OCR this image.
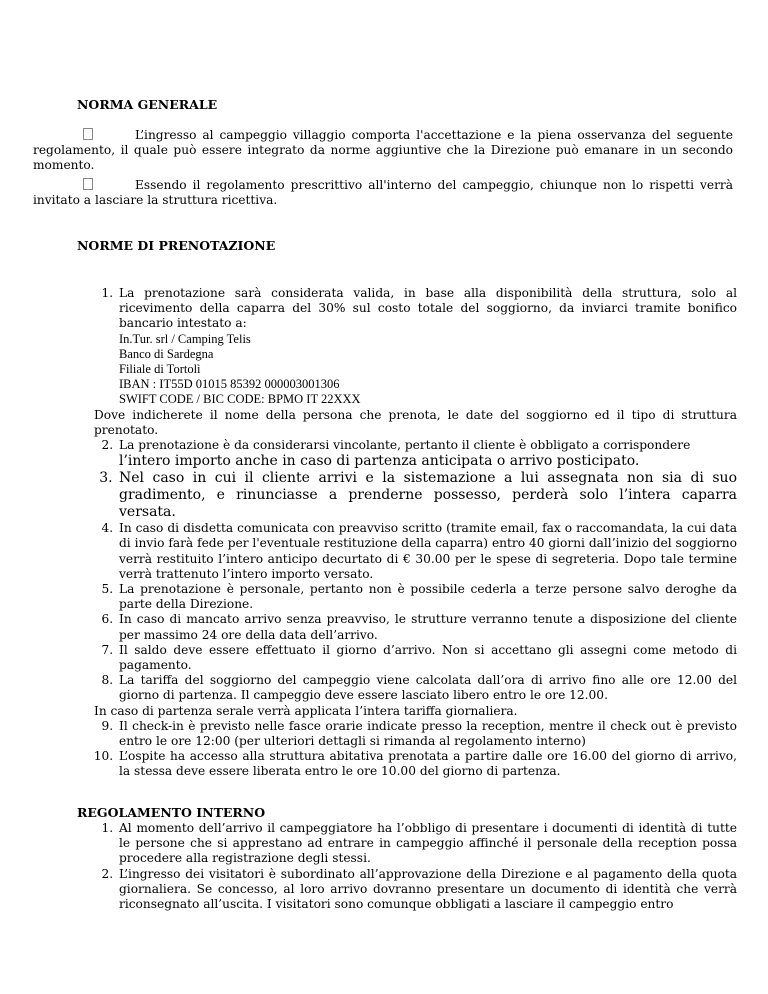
NORMA GENERALE
L’ingresso al campeggio villaggio comporta l'accettazione e la piena osservanza del seguente regolamento, il quale può essere integrato da norme aggiuntive che la Direzione può emanare in un secondo momento.
Essendo il regolamento prescrittivo all'interno del campeggio, chiunque non lo rispetti verrà invitato a lasciare la struttura ricettiva.
NORME DI PRENOTAZIONE
1. La prenotazione sarà considerata valida, in base alla disponibilità della struttura, solo al ricevimento della caparra del 30% sul costo totale del soggiorno, da inviarci tramite bonifico bancario intestato a:
In.Tur. srl / Camping Telis
Banco di Sardegna
Filiale di Tortolì
IBAN : IT55D 01015 85392 000003001306
SWIFT CODE / BIC CODE: BPMO IT 22XXX
Dove indicherete il nome della persona che prenota, le date del soggiorno ed il tipo di struttura prenotato.
2. La prenotazione è da considerarsi vincolante, pertanto il cliente è obbligato a corrispondere
l’intero importo anche in caso di partenza anticipata o arrivo posticipato.
3. Nel caso in cui il cliente arrivi e la sistemazione a lui assegnata non sia di suo gradimento, e rinunciasse a prenderne possesso, perderà solo l’intera caparra versata.
4. In caso di disdetta comunicata con preavviso scritto (tramite email, fax o raccomandata, la cui data di invio farà fede per l'eventuale restituzione della caparra) entro 40 giorni dall’inizio del soggiorno verrà restituito l’intero anticipo decurtato di € 30.00 per le spese di segreteria. Dopo tale termine verrà trattenuto l’intero importo versato.
5. La prenotazione è personale, pertanto non è possibile cederla a terze persone salvo deroghe da parte della Direzione.
6. In caso di mancato arrivo senza preavviso, le strutture verranno tenute a disposizione del cliente per massimo 24 ore della data dell’arrivo.
7. Il saldo deve essere effettuato il giorno d’arrivo. Non si accettano gli assegni come metodo di pagamento.
8. La tariffa del soggiorno del campeggio viene calcolata dall’ora di arrivo fino alle ore 12.00 del giorno di partenza. Il campeggio deve essere lasciato libero entro le ore 12.00.
In caso di partenza serale verrà applicata l’intera tariffa giornaliera.
9. Il check-in è previsto nelle fasce orarie indicate presso la reception, mentre il check out è previsto entro le ore 12:00 (per ulteriori dettagli si rimanda al regolamento interno)
10. L’ospite ha accesso alla struttura abitativa prenotata a partire dalle ore 16.00 del giorno di arrivo, la stessa deve essere liberata entro le ore 10.00 del giorno di partenza.
REGOLAMENTO INTERNO
1. Al momento dell’arrivo il campeggiatore ha l’obbligo di presentare i documenti di identità di tutte le persone che si apprestano ad entrare in campeggio affinché il personale della reception possa procedere alla registrazione degli stessi.
2. L’ingresso dei visitatori è subordinato all’approvazione della Direzione e al pagamento della quota giornaliera. Se concesso, al loro arrivo dovranno presentare un documento di identità che verrà riconsegnato all’uscita. I visitatori sono comunque obbligati a lasciare il campeggio entro
